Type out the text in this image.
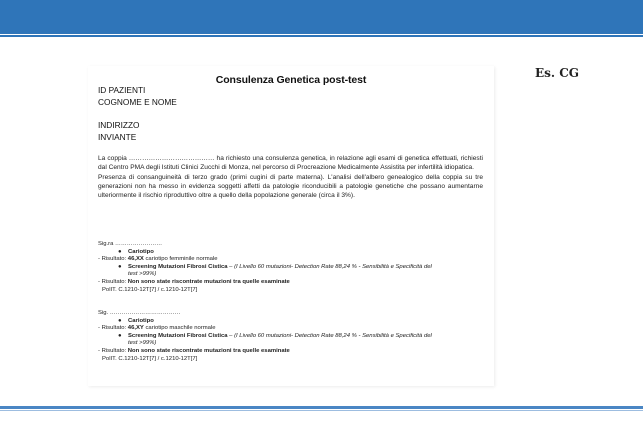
Es. CG
Consulenza Genetica post-test
ID PAZIENTI
COGNOME E NOME
INDIRIZZO
INVIANTE

La coppia ………………………………… ha richiesto una consulenza genetica, in relazione agli esami di genetica effettuati, richiesti dal Centro PMA degli Istituti Clinici Zucchi di Monza, nel percorso di Procreazione Medicalmente Assistita per infertilità idiopatica.

Presenza di consanguineità di terzo grado (primi cugini di parte materna). L'analisi dell'albero genealogico della coppia su tre generazioni non ha messo in evidenza soggetti affetti da patologie riconducibili a patologie genetiche che possano aumentarne ulteriormente il rischio riproduttivo oltre a quello della popolazione generale (circa il 3%).

Sig.ra ……………………
● Cariotipo
- Risultato: 46,XX cariotipo femminile normale
● Screening Mutazioni Fibrosi Cistica – (I Livello 60 mutazioni- Detection Rate 88,24 % - Sensibilità e Specificità del
test >99%)
- Risultato: Non sono state riscontrate mutazioni tra quelle esaminate
PolIT. C.1210-12T[7] / c.1210-12T[7]
Sig. ………………………………
● Cariotipo
- Risultato: 46,XY cariotipo maschile normale
● Screening Mutazioni Fibrosi Cistica – (I Livello 60 mutazioni- Detection Rate 88,24 % - Sensibilità e Specificità del
test >99%)
- Risultato: Non sono state riscontrate mutazioni tra quelle esaminate
PolIT. C.1210-12T[7] / c.1210-12T[7]
